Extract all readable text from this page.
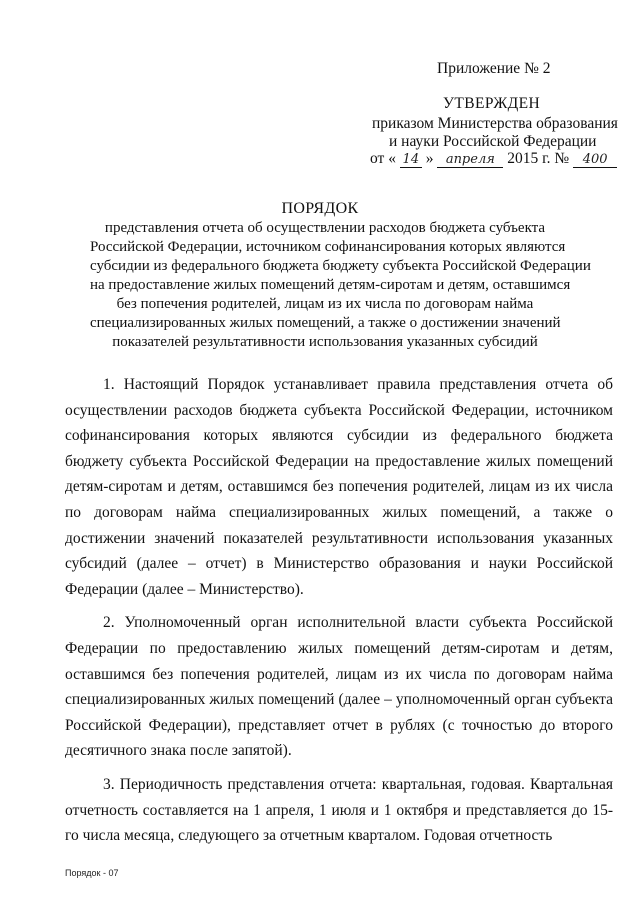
Приложение № 2
УТВЕРЖДЕН
приказом Министерства образования
и науки Российской Федерации
от « 14 » апреля 2015 г. № 400
ПОРЯДОК
представления отчета об осуществлении расходов бюджета субъекта
Российской Федерации, источником софинансирования которых являются
субсидии из федерального бюджета бюджету субъекта Российской Федерации
на предоставление жилых помещений детям-сиротам и детям, оставшимся
без попечения родителей, лицам из их числа по договорам найма
специализированных жилых помещений, а также о достижении значений
показателей результативности использования указанных субсидий

1. Настоящий Порядок устанавливает правила представления отчета об осуществлении расходов бюджета субъекта Российской Федерации, источником софинансирования которых являются субсидии из федерального бюджета бюджету субъекта Российской Федерации на предоставление жилых помещений детям-сиротам и детям, оставшимся без попечения родителей, лицам из их числа по договорам найма специализированных жилых помещений, а также о достижении значений показателей результативности использования указанных субсидий (далее – отчет) в Министерство образования и науки Российской Федерации (далее – Министерство).

2. Уполномоченный орган исполнительной власти субъекта Российской Федерации по предоставлению жилых помещений детям-сиротам и детям, оставшимся без попечения родителей, лицам из их числа по договорам найма специализированных жилых помещений (далее – уполномоченный орган субъекта Российской Федерации), представляет отчет в рублях (с точностью до второго десятичного знака после запятой).

3. Периодичность представления отчета: квартальная, годовая. Квартальная отчетность составляется на 1 апреля, 1 июля и 1 октября и представляется до 15-го числа месяца, следующего за отчетным кварталом. Годовая отчетность

Порядок - 07
